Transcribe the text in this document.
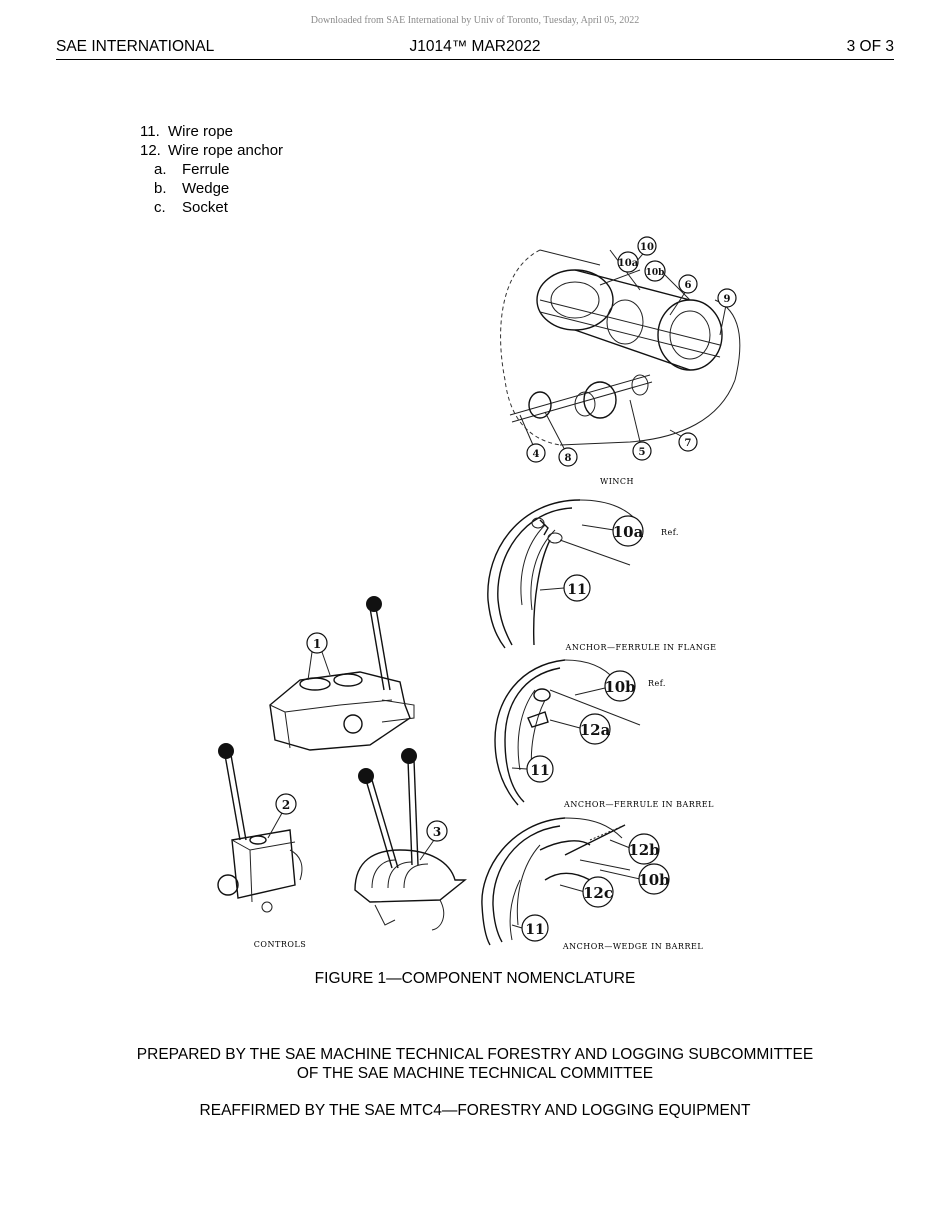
Downloaded from SAE International by Univ of Toronto, Tuesday, April 05, 2022
SAE INTERNATIONAL	J1014™ MAR2022	3 OF 3
11. Wire rope
12. Wire rope anchor
a.	Ferrule
b.	Wedge
c.	Socket
10
10a
10b
6
9
4	8
5
7
WINCH
10a
11
Ref.
ANCHOR—FERRULE IN FLANGE
10b
12a
11
Ref.
ANCHOR—FERRULE IN BARREL
12b
10b
12c
11
ANCHOR—WEDGE IN BARREL
1
2
3
CONTROLS
FIGURE 1—COMPONENT NOMENCLATURE
PREPARED BY THE SAE MACHINE TECHNICAL FORESTRY AND LOGGING SUBCOMMITTEE
OF THE SAE MACHINE TECHNICAL COMMITTEE
REAFFIRMED BY THE SAE MTC4—FORESTRY AND LOGGING EQUIPMENT
